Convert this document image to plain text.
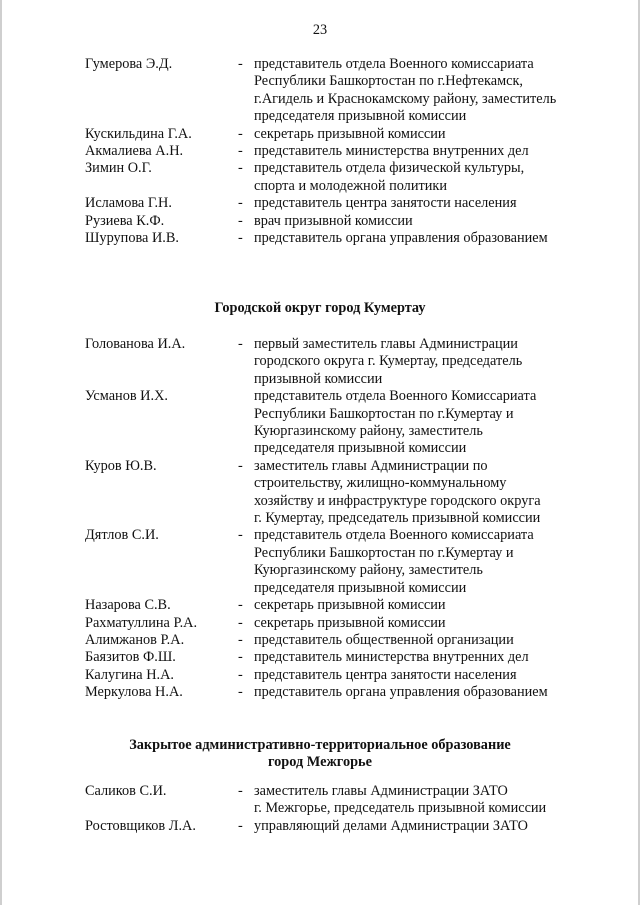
23
Гумерова Э.Д.	- представитель отдела Военного комиссариата
Республики Башкортостан по г.Нефтекамск,
г.Агидель и Краснокамскому району, заместитель
председателя призывной комиссии
Кускильдина Г.А.	- секретарь призывной комиссии
Акмалиева А.Н.	- представитель министерства внутренних дел
Зимин О.Г.	- представитель отдела физической культуры,
спорта и молодежной политики
Исламова Г.Н.	- представитель центра занятости населения
Рузиева К.Ф.	- врач призывной комиссии
Шурупова И.В.	- представитель органа управления образованием
Городской округ город Кумертау
Голованова И.А.	- первый заместитель главы Администрации
городского округа г. Кумертау, председатель
призывной комиссии
Усманов И.Х.	представитель отдела Военного Комиссариата
Республики Башкортостан по г.Кумертау и
Куюргазинскому району, заместитель
председателя призывной комиссии
Куров Ю.В.	- заместитель главы Администрации по
строительству, жилищно-коммунальному
хозяйству и инфраструктуре городского округа
г. Кумертау, председатель призывной комиссии
Дятлов С.И.	- представитель отдела Военного комиссариата
Республики Башкортостан по г.Кумертау и
Куюргазинскому району, заместитель
председателя призывной комиссии
Назарова С.В.	- секретарь призывной комиссии
Рахматуллина Р.А.	- секретарь призывной комиссии
Алимжанов Р.А.	- представитель общественной организации
Баязитов Ф.Ш.	- представитель министерства внутренних дел
Калугина Н.А.	- представитель центра занятости населения
Меркулова Н.А.	- представитель органа управления образованием
Закрытое административно-территориальное образование
город Межгорье
Саликов С.И.	- заместитель главы Администрации ЗАТО
г. Межгорье, председатель призывной комиссии
Ростовщиков Л.А.	- управляющий делами Администрации ЗАТО
